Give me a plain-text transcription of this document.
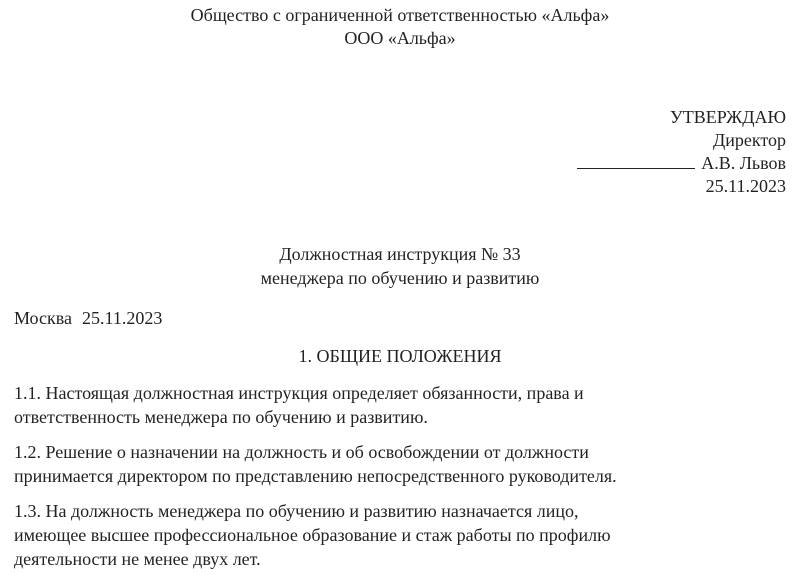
Общество с ограниченной ответственностью «Альфа»
ООО «Альфа»
УТВЕРЖДАЮ
Директор
А.В. Львов
25.11.2023
Должностная инструкция № 33
менеджера по обучению и развитию
Москва 25.11.2023
1. ОБЩИЕ ПОЛОЖЕНИЯ
1.1. Настоящая должностная инструкция определяет обязанности, права и
ответственность менеджера по обучению и развитию.
1.2. Решение о назначении на должность и об освобождении от должности
принимается директором по представлению непосредственного руководителя.
1.3. На должность менеджера по обучению и развитию назначается лицо,
имеющее высшее профессиональное образование и стаж работы по профилю
деятельности не менее двух лет.
